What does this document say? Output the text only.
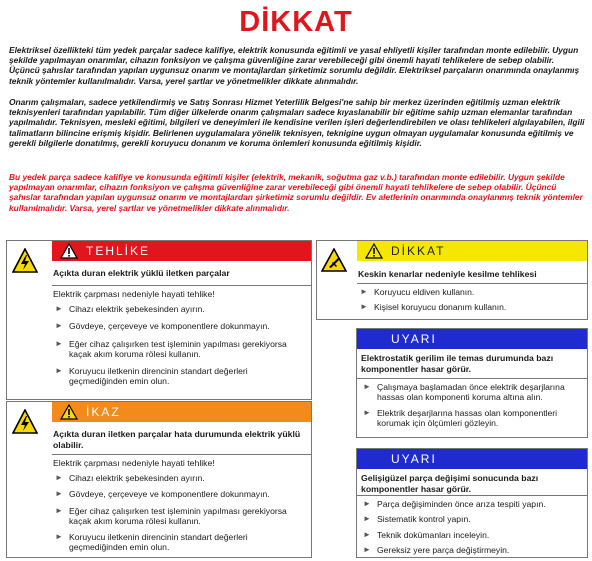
DİKKAT

Elektriksel özellikteki tüm yedek parçalar sadece kalifiye, elektrik konusunda eğitimli ve yasal ehliyetli kişiler tarafından monte edilebilir. Uygun şekilde yapılmayan onarımlar, cihazın fonksiyon ve çalışma güvenliğine zarar verebileceği gibi önemli hayati tehlikelere de sebep olabilir. Üçüncü şahıslar tarafından yapılan uygunsuz onarım ve montajlardan şirketimiz sorumlu değildir. Elektriksel parçaların onarımında onaylanmış teknik yöntemler kullanılmalıdır. Varsa, yerel şartlar ve yönetmelikler dikkate alınmalıdır.

Onarım çalışmaları, sadece yetkilendirmiş ve Satış Sonrası Hizmet Yeterlilik Belgesi'ne sahip bir merkez üzerinden eğitilmiş uzman elektrik teknisyenleri tarafından yapılabilir. Tüm diğer ülkelerde onarım çalışmaları sadece kıyaslanabilir bir eğitime sahip uzman elemanlar tarafından yapılmalıdır. Teknisyen, mesleki eğitimi, bilgileri ve deneyimleri ile kendisine verilen işleri değerlendirebilen ve olası tehlikeleri algılayabilen, ilgili talimatların bilincine erişmiş kişidir. Belirlenen uygulamalara yönelik teknisyen, teknigine uygun olmayan uygulamalar konusunda eğitilmiş ve gerekli bilgilerle donatılmış, gerekli koruyucu donanım ve koruma önlemleri konusunda eğitilmiş kişidir.

Bu yedek parça sadece kalifiye ve konusunda eğitimli kişiler (elektrik, mekanik, soğutma gaz v.b.) tarafından monte edilebilir. Uygun şekilde yapılmayan onarımlar, cihazın fonksiyon ve çalışma güvenliğine zarar verebileceği gibi önemli hayati tehlikelere de sebep olabilir. Üçüncü şahıslar tarafından yapılan uygunsuz onarım ve montajlardan şirketimiz sorumlu değildir. Ev aletlerinin onarımında onaylanmış teknik yöntemler kullanılmalıdır. Varsa, yerel şartlar ve yönetmelikler dikkate alınmalıdır.

TEHLİKE

Açıkta duran elektrik yüklü iletken parçalar

Elektrik çarpması nedeniyle hayati tehlike!

► Cihazı elektrik şebekesinden ayırın.
► Gövdeye, çerçeveye ve komponentlere dokunmayın.
► Eğer cihaz çalışırken test işleminin yapılması gerekiyorsa kaçak akım koruma rölesi kullanın.
► Koruyucu iletkenin direncinin standart değerleri geçmediğinden emin olun.
İKAZ

Açıkta duran iletken parçalar hata durumunda elektrik yüklü olabilir.

Elektrik çarpması nedeniyle hayati tehlike!

► Cihazı elektrik şebekesinden ayırın.
► Gövdeye, çerçeveye ve komponentlere dokunmayın.
► Eğer cihaz çalışırken test işleminin yapılması gerekiyorsa kaçak akım koruma rölesi kullanın.
► Koruyucu iletkenin direncinin standart değerleri geçmediğinden emin olun.
DİKKAT

Keskin kenarlar nedeniyle kesilme tehlikesi

► Koruyucu eldiven kullanın.
► Kişisel koruyucu donanım kullanın.
UYARI

Elektrostatik gerilim ile temas durumunda bazı komponentler hasar görür.

► Çalışmaya başlamadan önce elektrik deşarjlarına hassas olan komponenti koruma altına alın.
► Elektrik deşarjlarına hassas olan komponentleri korumak için ölçümleri gözleyin.
UYARI

Gelişigüzel parça değişimi sonucunda bazı komponentler hasar görür.

► Parça değişiminden önce arıza tespiti yapın.
► Sistematik kontrol yapın.
► Teknik dokümanları inceleyin.
► Gereksiz yere parça değiştirmeyin.
